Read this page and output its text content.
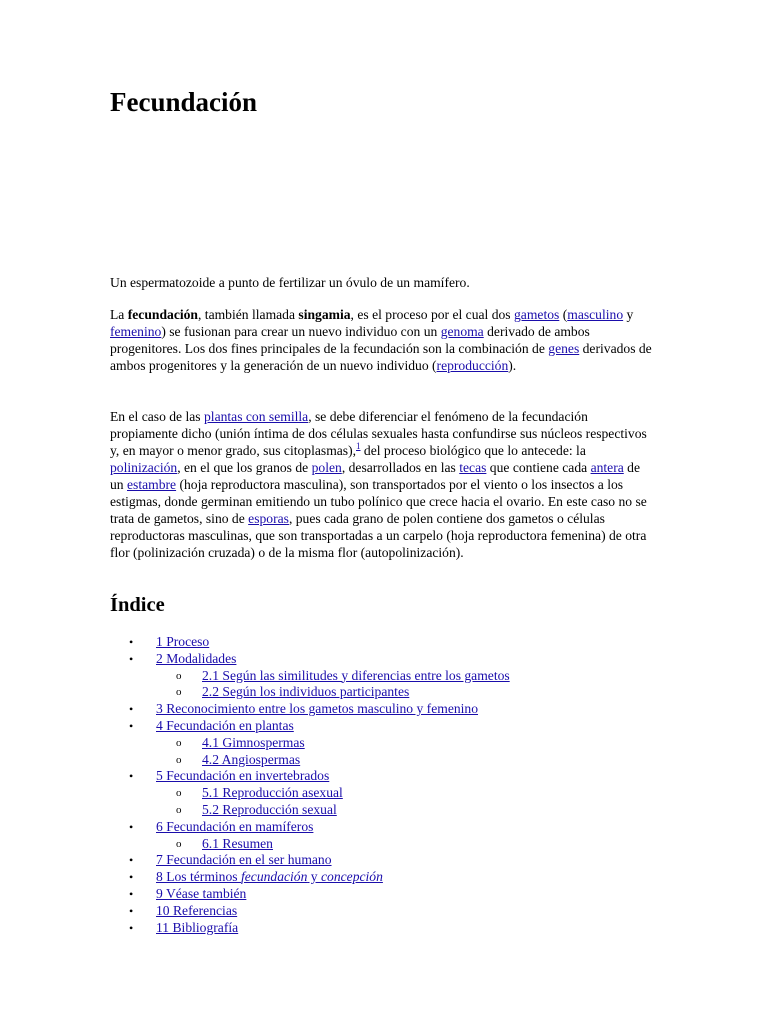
Fecundación

Un espermatozoide a punto de fertilizar un óvulo de un mamífero.

La fecundación, también llamada singamia, es el proceso por el cual dos gametos (masculino y femenino) se fusionan para crear un nuevo individuo con un genoma derivado de ambos progenitores. Los dos fines principales de la fecundación son la combinación de genes derivados de ambos progenitores y la generación de un nuevo individuo (reproducción).

En el caso de las plantas con semilla, se debe diferenciar el fenómeno de la fecundación propiamente dicho (unión íntima de dos células sexuales hasta confundirse sus núcleos respectivos y, en mayor o menor grado, sus citoplasmas),$^1$ del proceso biológico que lo antecede: la polinización, en el que los granos de polen, desarrollados en las tecas que contiene cada antera de un estambre (hoja reproductora masculina), son transportados por el viento o los insectos a los estigmas, donde germinan emitiendo un tubo polínico que crece hacia el ovario. En este caso no se trata de gametos, sino de esporas, pues cada grano de polen contiene dos gametos o células reproductoras masculinas, que son transportadas a un carpelo (hoja reproductora femenina) de otra flor (polinización cruzada) o de la misma flor (autopolinización).

Índice
• 1 Proceso
• 2 Modalidades
o 2.1 Según las similitudes y diferencias entre los gametos
o 2.2 Según los individuos participantes
• 3 Reconocimiento entre los gametos masculino y femenino
• 4 Fecundación en plantas
o 4.1 Gimnospermas
o 4.2 Angiospermas
• 5 Fecundación en invertebrados
o 5.1 Reproducción asexual
o 5.2 Reproducción sexual
• 6 Fecundación en mamíferos
o 6.1 Resumen
• 7 Fecundación en el ser humano
• 8 Los términos fecundación y concepción
• 9 Véase también
• 10 Referencias
• 11 Bibliografía
